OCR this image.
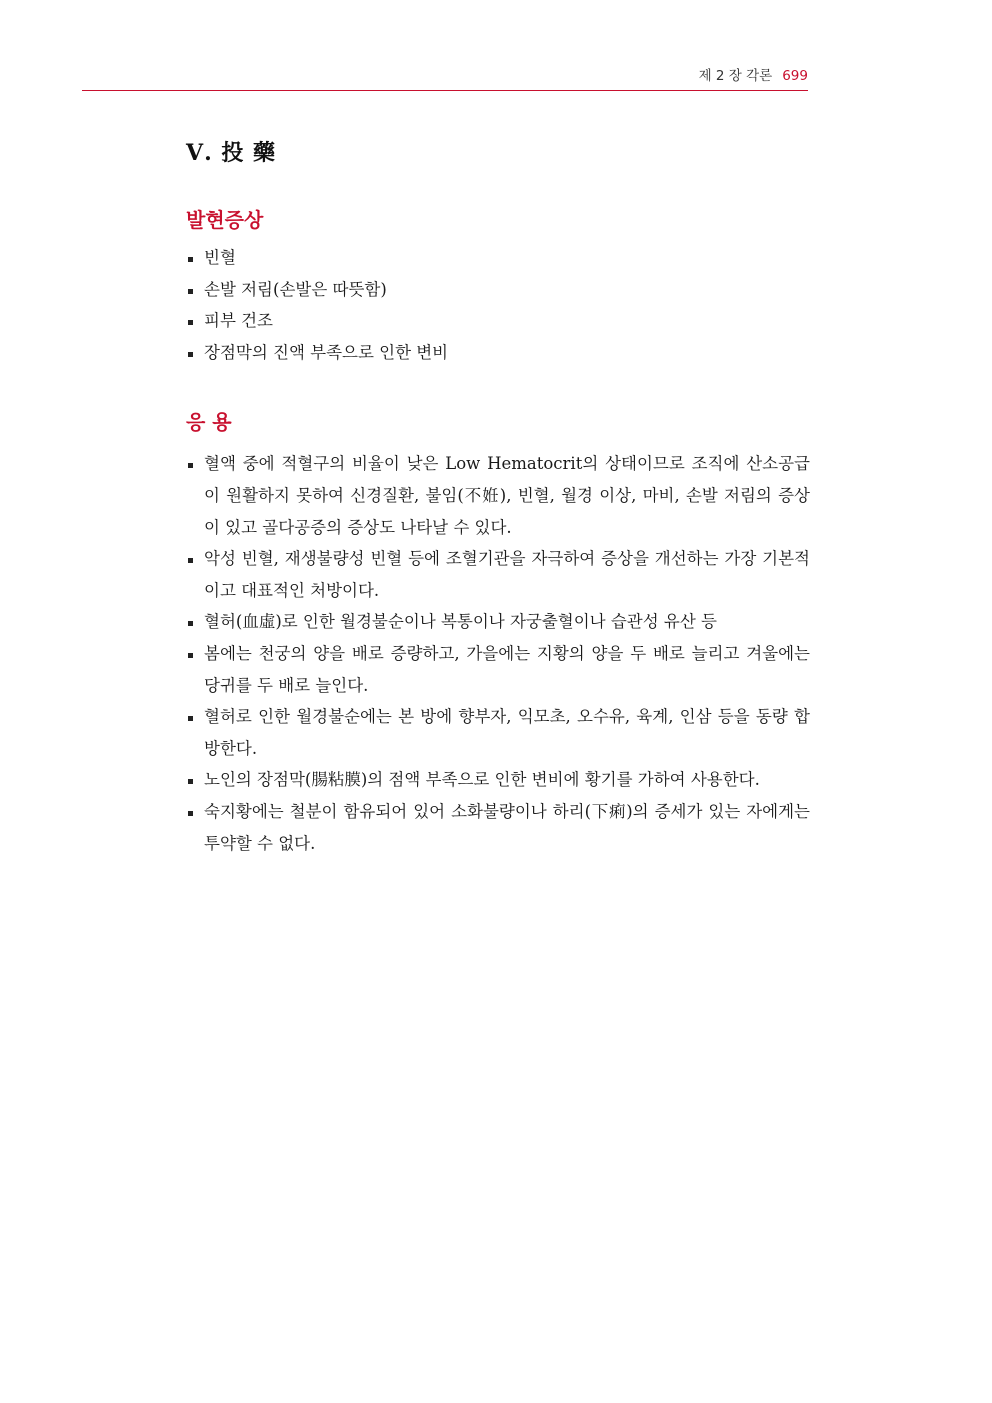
제 2 장 각론 699
Ⅴ. 投 藥
발현증상
빈혈
손발 저림(손발은 따뜻함)
피부 건조
장점막의 진액 부족으로 인한 변비
응 용
혈액 중에 적혈구의 비율이 낮은 Low Hematocrit의 상태이므로 조직에 산소공급이 원활하지 못하여 신경질환, 불임(不姙), 빈혈, 월경 이상, 마비, 손발 저림의 증상이 있고 골다공증의 증상도 나타날 수 있다.
악성 빈혈, 재생불량성 빈혈 등에 조혈기관을 자극하여 증상을 개선하는 가장 기본적이고 대표적인 처방이다.
혈허(血虛)로 인한 월경불순이나 복통이나 자궁출혈이나 습관성 유산 등
봄에는 천궁의 양을 배로 증량하고, 가을에는 지황의 양을 두 배로 늘리고 겨울에는 당귀를 두 배로 늘인다.
혈허로 인한 월경불순에는 본 방에 향부자, 익모초, 오수유, 육계, 인삼 등을 동량 합방한다.
노인의 장점막(腸粘膜)의 점액 부족으로 인한 변비에 황기를 가하여 사용한다.
숙지황에는 철분이 함유되어 있어 소화불량이나 하리(下痢)의 증세가 있는 자에게는 투약할 수 없다.
